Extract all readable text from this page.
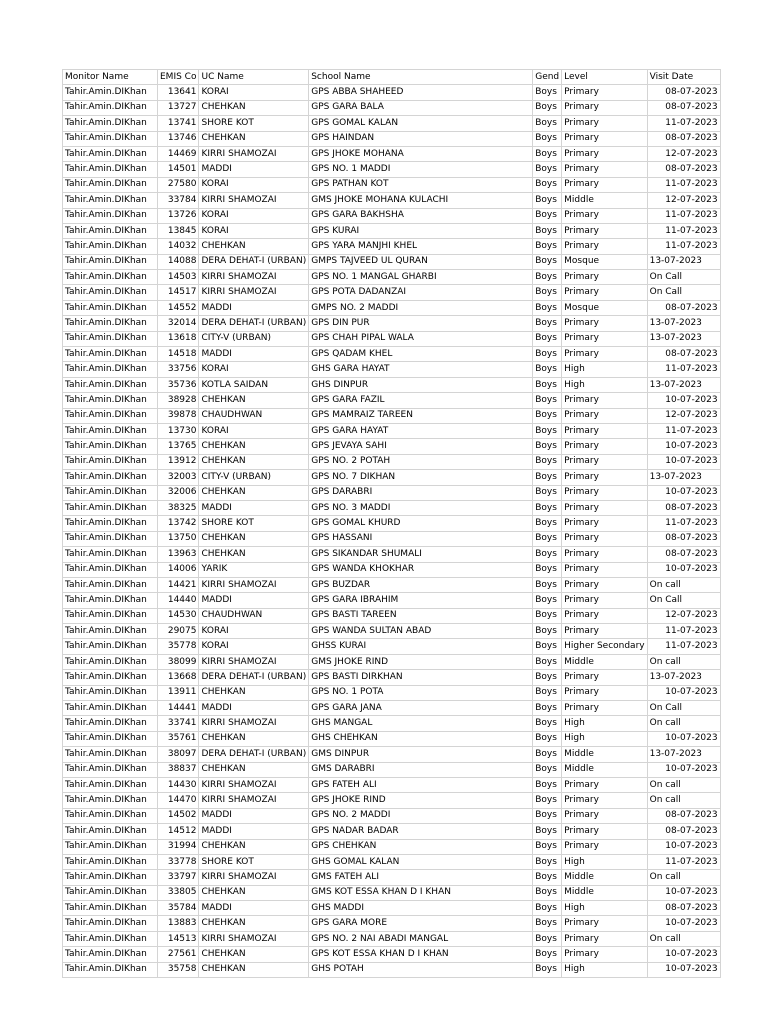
Monitor Name	EMIS Co	UC Name	School Name	Gend	Level	Visit Date
Tahir.Amin.DIKhan	13641	KORAI	GPS ABBA SHAHEED	Boys	Primary	08-07-2023
Tahir.Amin.DIKhan	13727	CHEHKAN	GPS GARA BALA	Boys	Primary	08-07-2023
Tahir.Amin.DIKhan	13741	SHORE KOT	GPS GOMAL KALAN	Boys	Primary	11-07-2023
Tahir.Amin.DIKhan	13746	CHEHKAN	GPS HAINDAN	Boys	Primary	08-07-2023
Tahir.Amin.DIKhan	14469	KIRRI SHAMOZAI	GPS JHOKE MOHANA	Boys	Primary	12-07-2023
Tahir.Amin.DIKhan	14501	MADDI	GPS NO. 1 MADDI	Boys	Primary	08-07-2023
Tahir.Amin.DIKhan	27580	KORAI	GPS PATHAN KOT	Boys	Primary	11-07-2023
Tahir.Amin.DIKhan	33784	KIRRI SHAMOZAI	GMS JHOKE MOHANA KULACHI	Boys	Middle	12-07-2023
Tahir.Amin.DIKhan	13726	KORAI	GPS GARA BAKHSHA	Boys	Primary	11-07-2023
Tahir.Amin.DIKhan	13845	KORAI	GPS KURAI	Boys	Primary	11-07-2023
Tahir.Amin.DIKhan	14032	CHEHKAN	GPS YARA MANJHI KHEL	Boys	Primary	11-07-2023
Tahir.Amin.DIKhan	14088	DERA DEHAT-I (URBAN)	GMPS TAJVEED UL QURAN	Boys	Mosque	13-07-2023
Tahir.Amin.DIKhan	14503	KIRRI SHAMOZAI	GPS NO. 1 MANGAL GHARBI	Boys	Primary	On Call
Tahir.Amin.DIKhan	14517	KIRRI SHAMOZAI	GPS POTA DADANZAI	Boys	Primary	On Call
Tahir.Amin.DIKhan	14552	MADDI	GMPS NO. 2 MADDI	Boys	Mosque	08-07-2023
Tahir.Amin.DIKhan	32014	DERA DEHAT-I (URBAN)	GPS DIN PUR	Boys	Primary	13-07-2023
Tahir.Amin.DIKhan	13618	CITY-V (URBAN)	GPS CHAH PIPAL WALA	Boys	Primary	13-07-2023
Tahir.Amin.DIKhan	14518	MADDI	GPS QADAM KHEL	Boys	Primary	08-07-2023
Tahir.Amin.DIKhan	33756	KORAI	GHS GARA HAYAT	Boys	High	11-07-2023
Tahir.Amin.DIKhan	35736	KOTLA SAIDAN	GHS DINPUR	Boys	High	13-07-2023
Tahir.Amin.DIKhan	38928	CHEHKAN	GPS GARA FAZIL	Boys	Primary	10-07-2023
Tahir.Amin.DIKhan	39878	CHAUDHWAN	GPS MAMRAIZ TAREEN	Boys	Primary	12-07-2023
Tahir.Amin.DIKhan	13730	KORAI	GPS GARA HAYAT	Boys	Primary	11-07-2023
Tahir.Amin.DIKhan	13765	CHEHKAN	GPS JEVAYA SAHI	Boys	Primary	10-07-2023
Tahir.Amin.DIKhan	13912	CHEHKAN	GPS NO. 2 POTAH	Boys	Primary	10-07-2023
Tahir.Amin.DIKhan	32003	CITY-V (URBAN)	GPS NO. 7 DIKHAN	Boys	Primary	13-07-2023
Tahir.Amin.DIKhan	32006	CHEHKAN	GPS DARABRI	Boys	Primary	10-07-2023
Tahir.Amin.DIKhan	38325	MADDI	GPS NO. 3 MADDI	Boys	Primary	08-07-2023
Tahir.Amin.DIKhan	13742	SHORE KOT	GPS GOMAL KHURD	Boys	Primary	11-07-2023
Tahir.Amin.DIKhan	13750	CHEHKAN	GPS HASSANI	Boys	Primary	08-07-2023
Tahir.Amin.DIKhan	13963	CHEHKAN	GPS SIKANDAR SHUMALI	Boys	Primary	08-07-2023
Tahir.Amin.DIKhan	14006	YARIK	GPS WANDA KHOKHAR	Boys	Primary	10-07-2023
Tahir.Amin.DIKhan	14421	KIRRI SHAMOZAI	GPS BUZDAR	Boys	Primary	On call
Tahir.Amin.DIKhan	14440	MADDI	GPS GARA IBRAHIM	Boys	Primary	On Call
Tahir.Amin.DIKhan	14530	CHAUDHWAN	GPS BASTI TAREEN	Boys	Primary	12-07-2023
Tahir.Amin.DIKhan	29075	KORAI	GPS WANDA SULTAN ABAD	Boys	Primary	11-07-2023
Tahir.Amin.DIKhan	35778	KORAI	GHSS KURAI	Boys	Higher Secondary	11-07-2023
Tahir.Amin.DIKhan	38099	KIRRI SHAMOZAI	GMS JHOKE RIND	Boys	Middle	On call
Tahir.Amin.DIKhan	13668	DERA DEHAT-I (URBAN)	GPS BASTI DIRKHAN	Boys	Primary	13-07-2023
Tahir.Amin.DIKhan	13911	CHEHKAN	GPS NO. 1 POTA	Boys	Primary	10-07-2023
Tahir.Amin.DIKhan	14441	MADDI	GPS GARA JANA	Boys	Primary	On Call
Tahir.Amin.DIKhan	33741	KIRRI SHAMOZAI	GHS MANGAL	Boys	High	On call
Tahir.Amin.DIKhan	35761	CHEHKAN	GHS CHEHKAN	Boys	High	10-07-2023
Tahir.Amin.DIKhan	38097	DERA DEHAT-I (URBAN)	GMS DINPUR	Boys	Middle	13-07-2023
Tahir.Amin.DIKhan	38837	CHEHKAN	GMS DARABRI	Boys	Middle	10-07-2023
Tahir.Amin.DIKhan	14430	KIRRI SHAMOZAI	GPS FATEH ALI	Boys	Primary	On call
Tahir.Amin.DIKhan	14470	KIRRI SHAMOZAI	GPS JHOKE RIND	Boys	Primary	On call
Tahir.Amin.DIKhan	14502	MADDI	GPS NO. 2 MADDI	Boys	Primary	08-07-2023
Tahir.Amin.DIKhan	14512	MADDI	GPS NADAR BADAR	Boys	Primary	08-07-2023
Tahir.Amin.DIKhan	31994	CHEHKAN	GPS CHEHKAN	Boys	Primary	10-07-2023
Tahir.Amin.DIKhan	33778	SHORE KOT	GHS GOMAL KALAN	Boys	High	11-07-2023
Tahir.Amin.DIKhan	33797	KIRRI SHAMOZAI	GMS FATEH ALI	Boys	Middle	On call
Tahir.Amin.DIKhan	33805	CHEHKAN	GMS KOT ESSA KHAN D I KHAN	Boys	Middle	10-07-2023
Tahir.Amin.DIKhan	35784	MADDI	GHS MADDI	Boys	High	08-07-2023
Tahir.Amin.DIKhan	13883	CHEHKAN	GPS GARA MORE	Boys	Primary	10-07-2023
Tahir.Amin.DIKhan	14513	KIRRI SHAMOZAI	GPS NO. 2 NAI ABADI MANGAL	Boys	Primary	On call
Tahir.Amin.DIKhan	27561	CHEHKAN	GPS KOT ESSA KHAN D I KHAN	Boys	Primary	10-07-2023
Tahir.Amin.DIKhan	35758	CHEHKAN	GHS POTAH	Boys	High	10-07-2023
